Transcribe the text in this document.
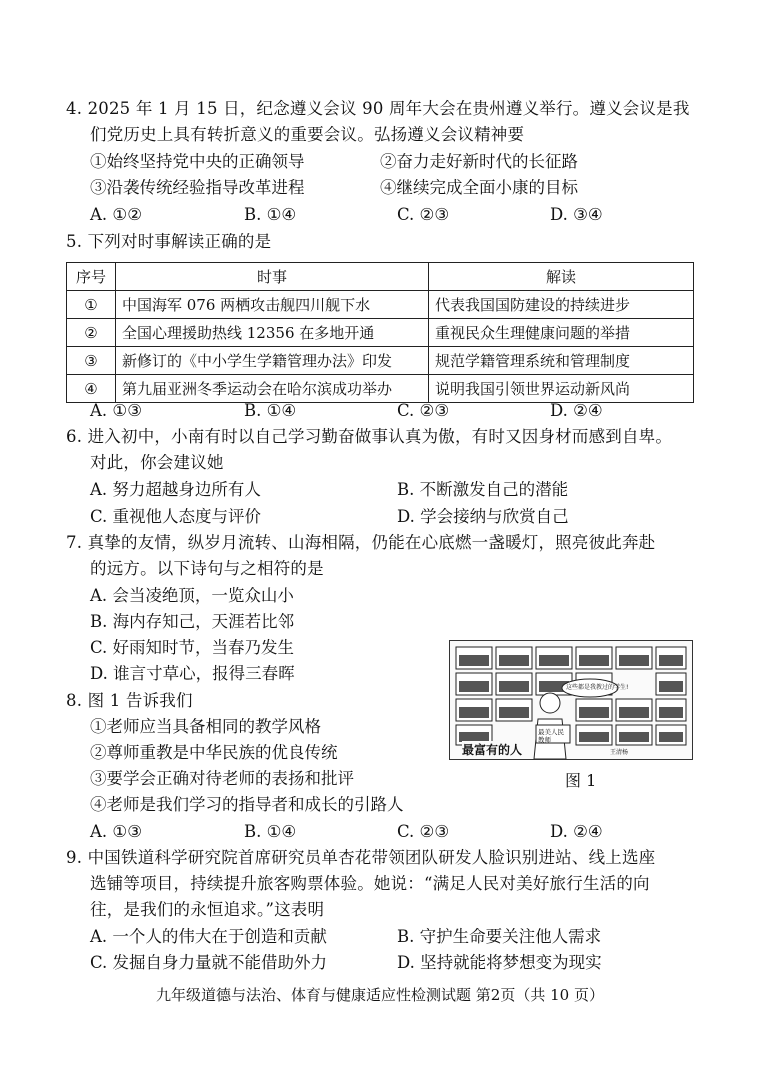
4. 2025 年 1 月 15 日，纪念遵义会议 90 周年大会在贵州遵义举行。遵义会议是我
们党历史上具有转折意义的重要会议。弘扬遵义会议精神要
①始终坚持党中央的正确领导	②奋力走好新时代的长征路
③沿袭传统经验指导改革进程	④继续完成全面小康的目标
A. ①②	B. ①④	C. ②③	D. ③④
5. 下列对时事解读正确的是
序号	时事	解读
①	中国海军 076 两栖攻击舰四川舰下水	代表我国国防建设的持续进步
②	全国心理援助热线 12356 在多地开通	重视民众生理健康问题的举措
③	新修订的《中小学生学籍管理办法》印发	规范学籍管理系统和管理制度
④	第九届亚洲冬季运动会在哈尔滨成功举办	说明我国引领世界运动新风尚
A. ①③	B. ①④	C. ②③	D. ②④
6. 进入初中，小南有时以自己学习勤奋做事认真为傲，有时又因身材而感到自卑。
对此，你会建议她
A. 努力超越身边所有人	B. 不断激发自己的潜能
C. 重视他人态度与评价	D. 学会接纳与欣赏自己
7. 真挚的友情，纵岁月流转、山海相隔，仍能在心底燃一盏暖灯，照亮彼此奔赴
的远方。以下诗句与之相符的是
A. 会当凌绝顶，一览众山小
B. 海内存知己，天涯若比邻
C. 好雨知时节，当春乃发生
D. 谁言寸草心，报得三春晖
这些都是我教过的学生!
最美人民教师
最富有的人	王清杨
图 1
8. 图 1 告诉我们
①老师应当具备相同的教学风格
②尊师重教是中华民族的优良传统
③要学会正确对待老师的表扬和批评
④老师是我们学习的指导者和成长的引路人
A. ①③	B. ①④	C. ②③	D. ②④
9. 中国铁道科学研究院首席研究员单杏花带领团队研发人脸识别进站、线上选座
选铺等项目，持续提升旅客购票体验。她说：“满足人民对美好旅行生活的向
往，是我们的永恒追求。”这表明
A. 一个人的伟大在于创造和贡献	B. 守护生命要关注他人需求
C. 发掘自身力量就不能借助外力	D. 坚持就能将梦想变为现实
九年级道德与法治、体育与健康适应性检测试题 第2页（共 10 页）
